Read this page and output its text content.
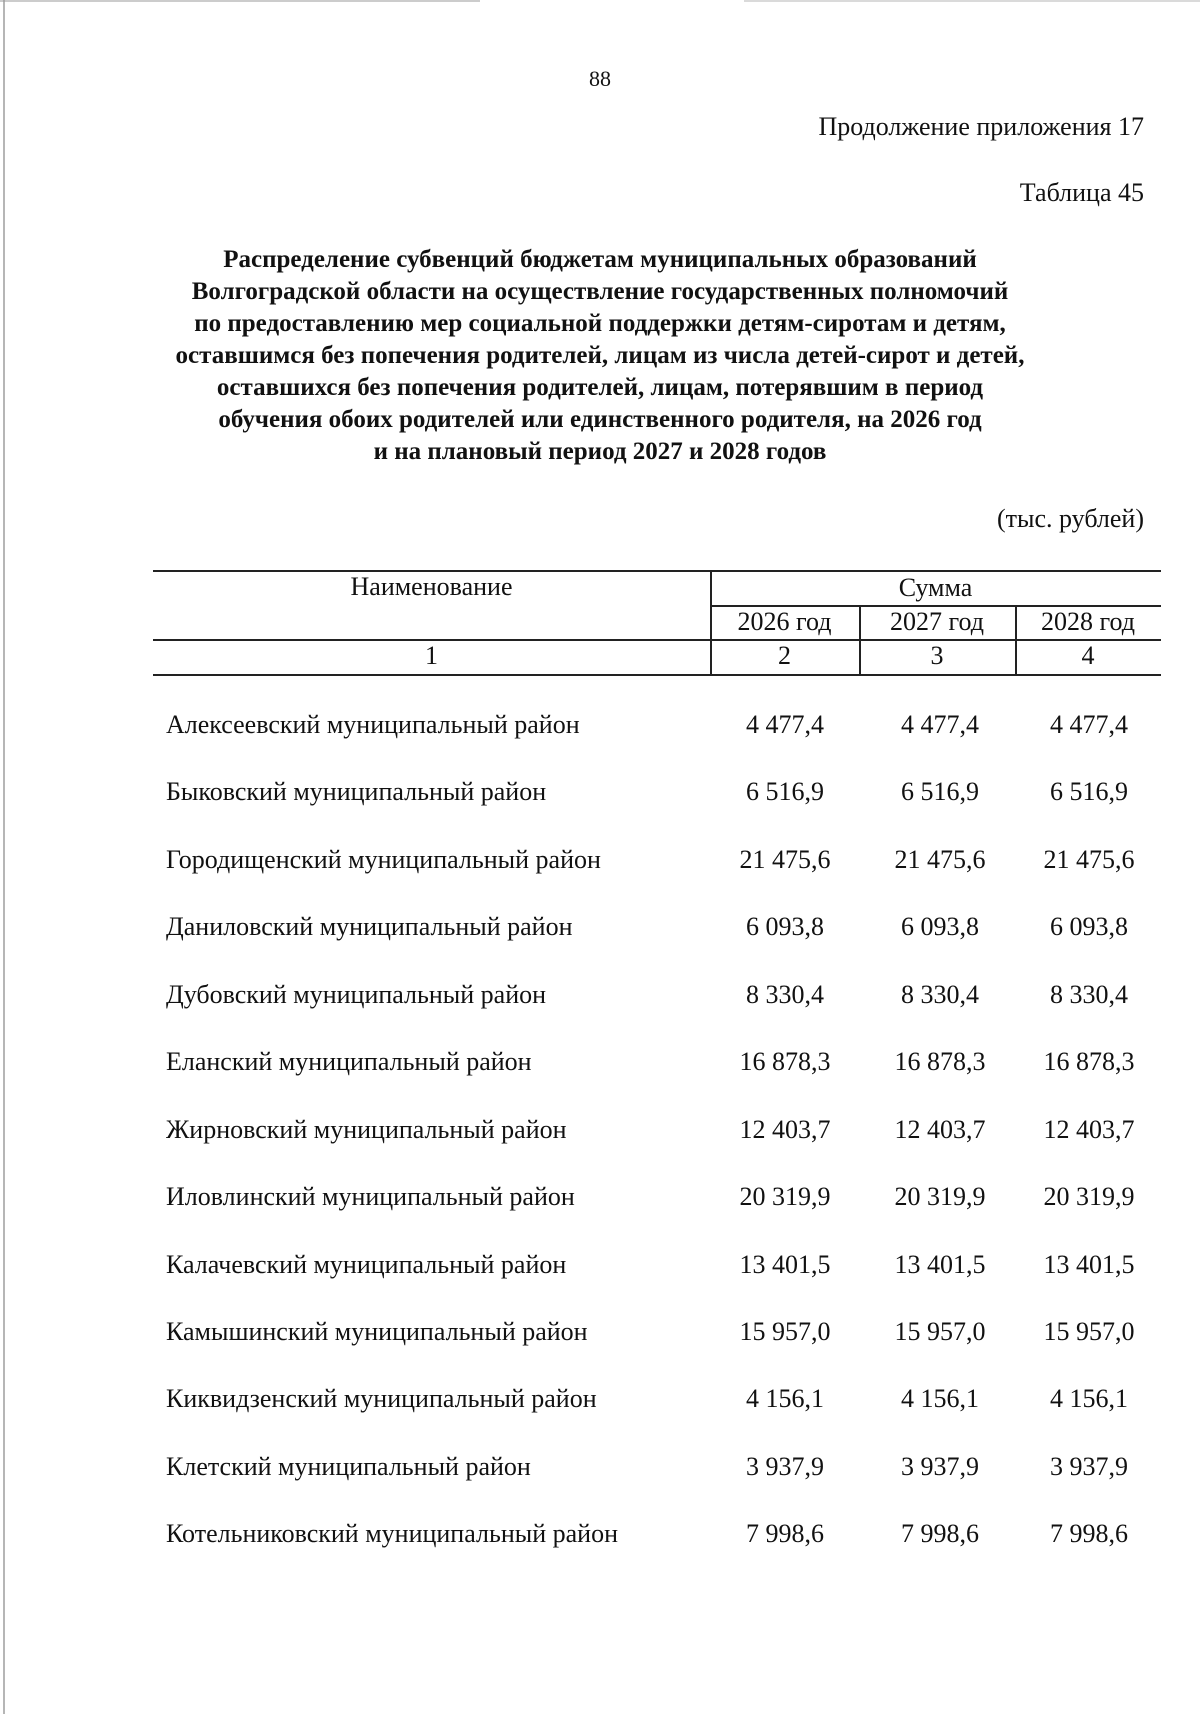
88
Продолжение приложения 17
Таблица 45
Распределение субвенций бюджетам муниципальных образований
Волгоградской области на осуществление государственных полномочий
по предоставлению мер социальной поддержки детям-сиротам и детям,
оставшимся без попечения родителей, лицам из числа детей-сирот и детей,
оставшихся без попечения родителей, лицам, потерявшим в период
обучения обоих родителей или единственного родителя, на 2026 год
и на плановый период 2027 и 2028 годов
(тыс. рублей)
Наименование	Сумма
2026 год	2027 год	2028 год
1	2	3	4
Алексеевский муниципальный район	4 477,4	4 477,4	4 477,4
Быковский муниципальный район	6 516,9	6 516,9	6 516,9
Городищенский муниципальный район	21 475,6	21 475,6	21 475,6
Даниловский муниципальный район	6 093,8	6 093,8	6 093,8
Дубовский муниципальный район	8 330,4	8 330,4	8 330,4
Еланский муниципальный район	16 878,3	16 878,3	16 878,3
Жирновский муниципальный район	12 403,7	12 403,7	12 403,7
Иловлинский муниципальный район	20 319,9	20 319,9	20 319,9
Калачевский муниципальный район	13 401,5	13 401,5	13 401,5
Камышинский муниципальный район	15 957,0	15 957,0	15 957,0
Киквидзенский муниципальный район	4 156,1	4 156,1	4 156,1
Клетский муниципальный район	3 937,9	3 937,9	3 937,9
Котельниковский муниципальный район	7 998,6	7 998,6	7 998,6
